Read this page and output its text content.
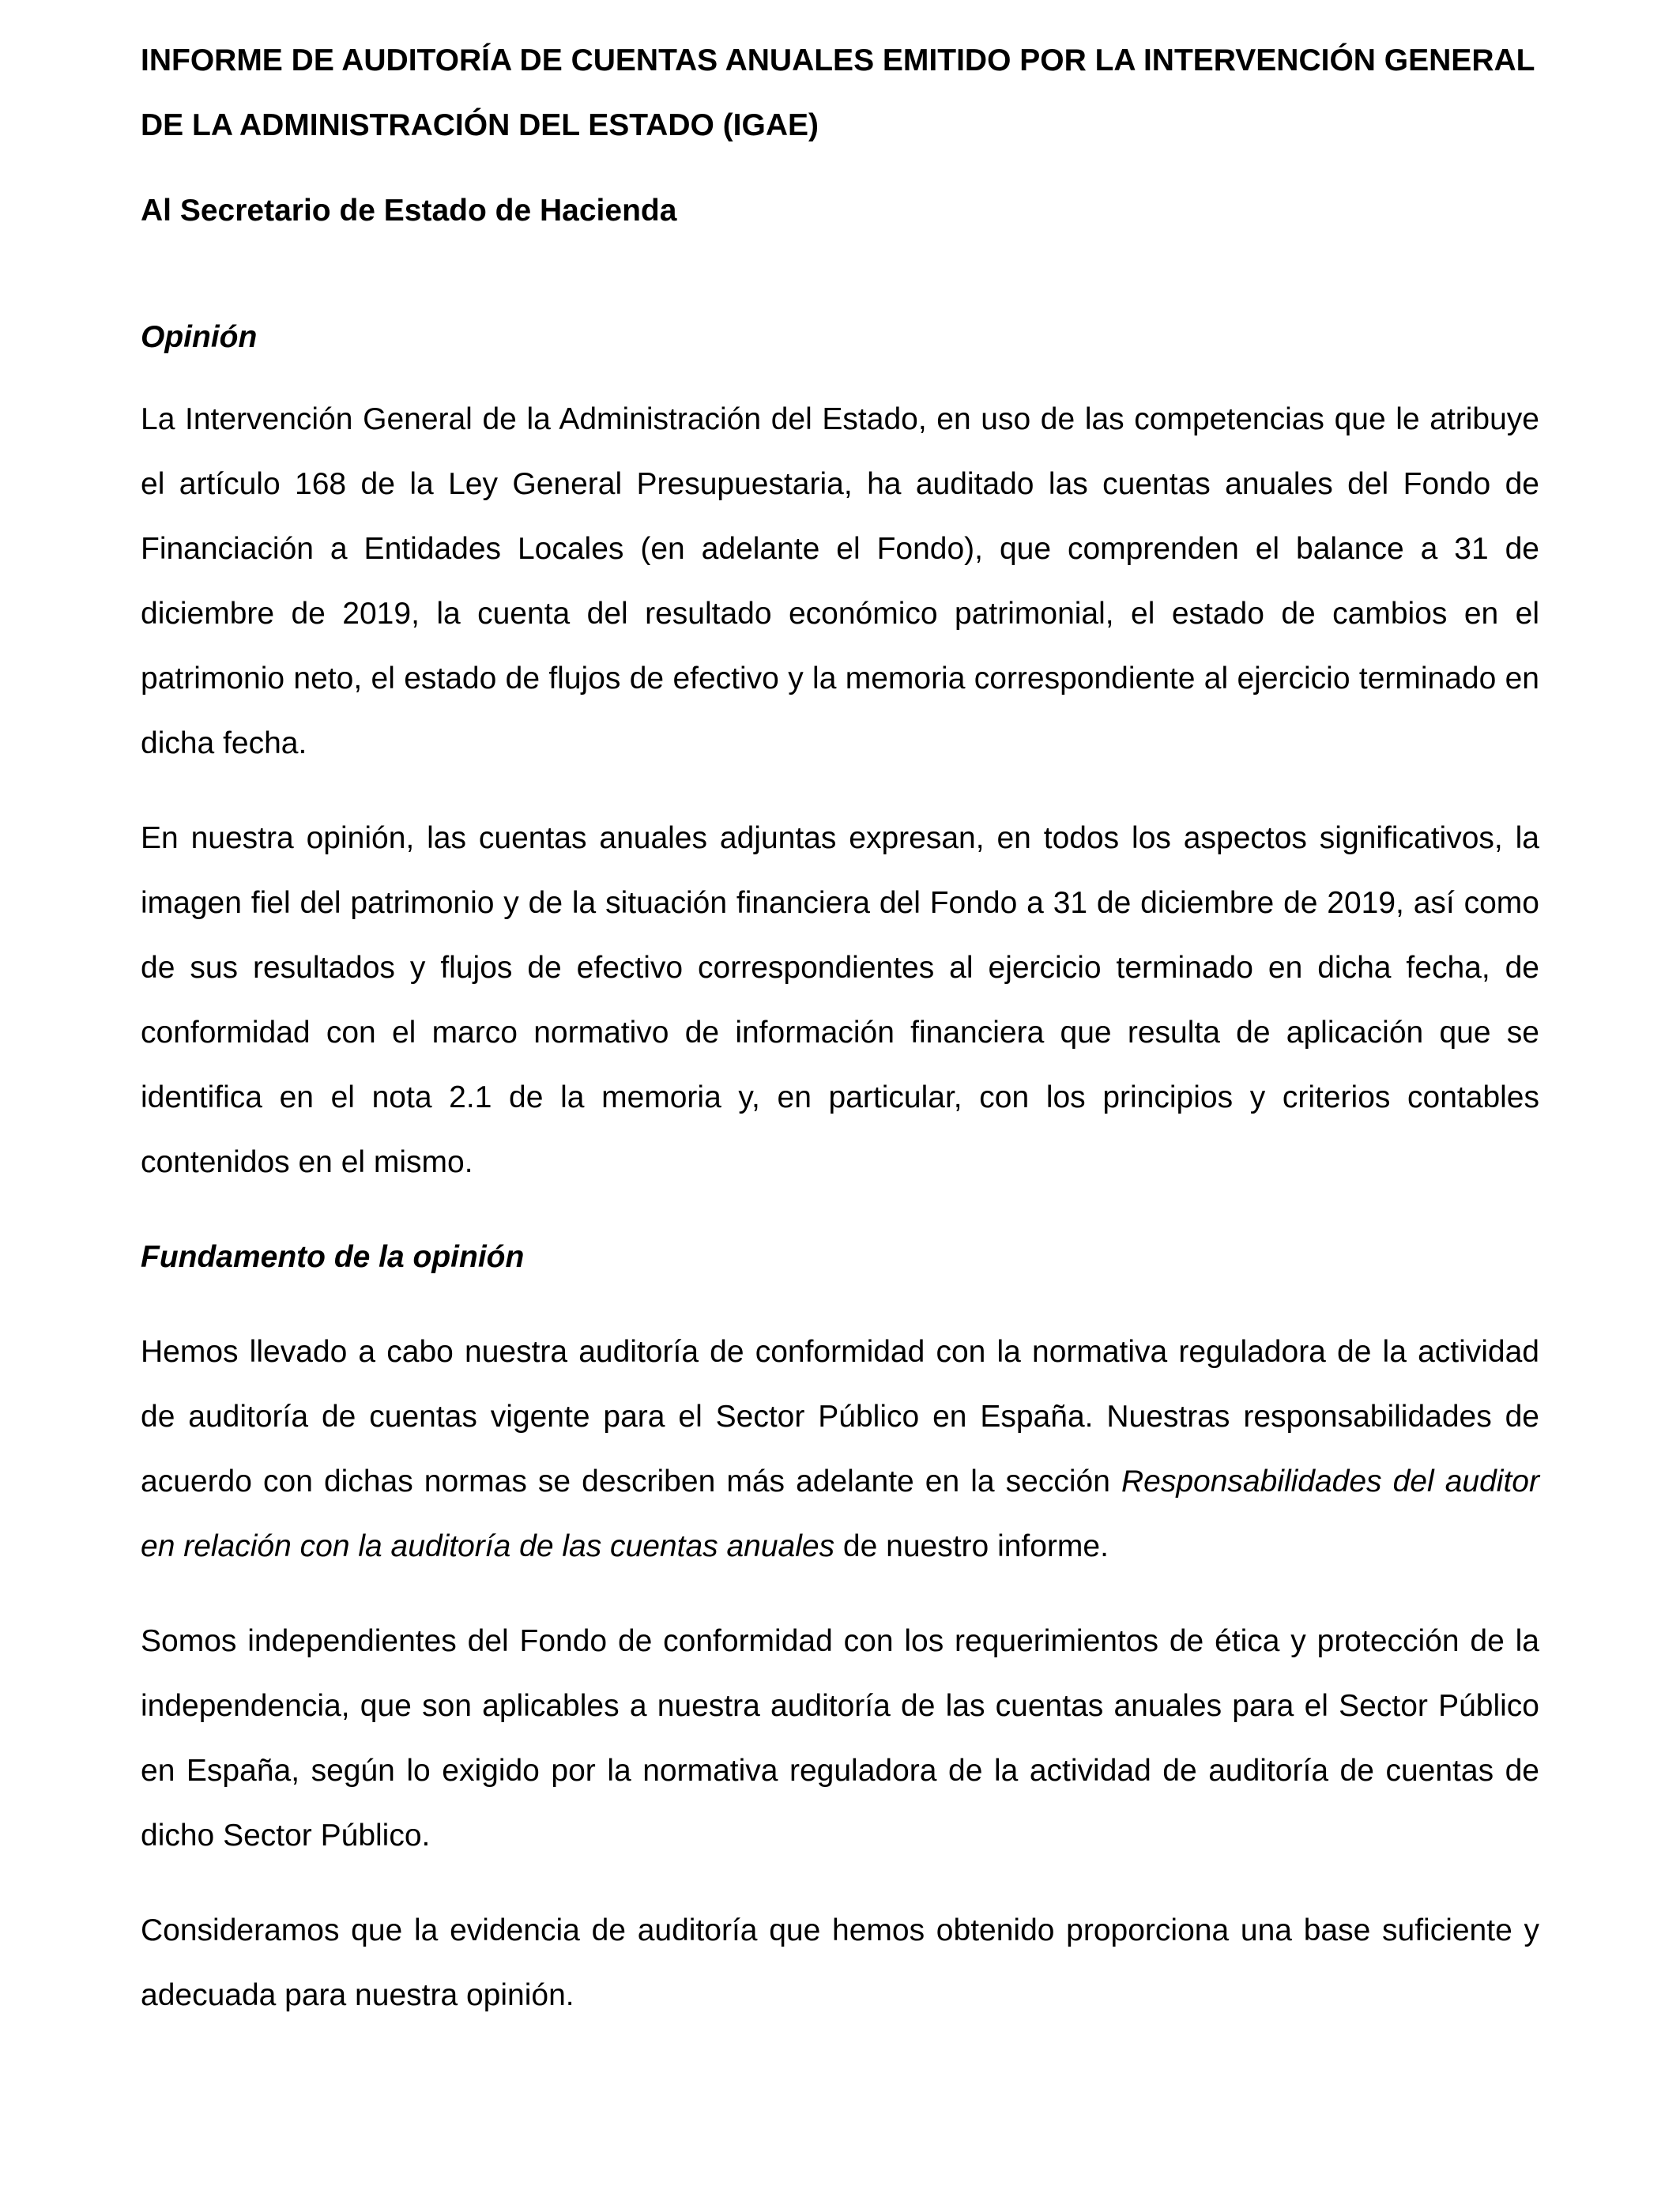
INFORME DE AUDITORÍA DE CUENTAS ANUALES EMITIDO POR LA INTERVENCIÓN GENERAL DE LA ADMINISTRACIÓN DEL ESTADO (IGAE)

Al Secretario de Estado de Hacienda

Opinión

La Intervención General de la Administración del Estado, en uso de las competencias que le atribuye el artículo 168 de la Ley General Presupuestaria, ha auditado las cuentas anuales del Fondo de Financiación a Entidades Locales (en adelante el Fondo), que comprenden el balance a 31 de diciembre de 2019, la cuenta del resultado económico patrimonial, el estado de cambios en el patrimonio neto, el estado de flujos de efectivo y la memoria correspondiente al ejercicio terminado en dicha fecha.

En nuestra opinión, las cuentas anuales adjuntas expresan, en todos los aspectos significativos, la imagen fiel del patrimonio y de la situación financiera del Fondo a 31 de diciembre de 2019, así como de sus resultados y flujos de efectivo correspondientes al ejercicio terminado en dicha fecha, de conformidad con el marco normativo de información financiera que resulta de aplicación que se identifica en el nota 2.1 de la memoria y, en particular, con los principios y criterios contables contenidos en el mismo.

Fundamento de la opinión

Hemos llevado a cabo nuestra auditoría de conformidad con la normativa reguladora de la actividad de auditoría de cuentas vigente para el Sector Público en España. Nuestras responsabilidades de acuerdo con dichas normas se describen más adelante en la sección Responsabilidades del auditor en relación con la auditoría de las cuentas anuales de nuestro informe.

Somos independientes del Fondo de conformidad con los requerimientos de ética y protección de la independencia, que son aplicables a nuestra auditoría de las cuentas anuales para el Sector Público en España, según lo exigido por la normativa reguladora de la actividad de auditoría de cuentas de dicho Sector Público.

Consideramos que la evidencia de auditoría que hemos obtenido proporciona una base suficiente y adecuada para nuestra opinión.
